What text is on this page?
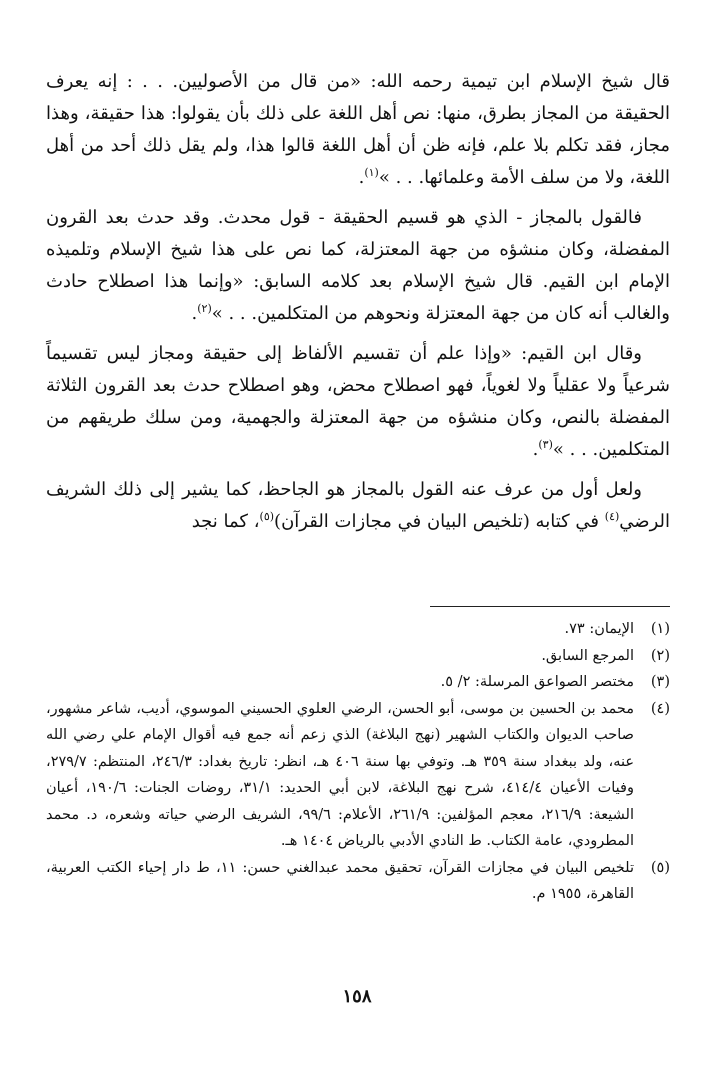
قال شيخ الإسلام ابن تيمية رحمه الله: «من قال من الأصوليين. . . : إنه يعرف الحقيقة من المجاز بطرق، منها: نص أهل اللغة على ذلك بأن يقولوا: هذا حقيقة، وهذا مجاز، فقد تكلم بلا علم، فإنه ظن أن أهل اللغة قالوا هذا، ولم يقل ذلك أحد من أهل اللغة، ولا من سلف الأمة وعلمائها. . . »$^{(١)}$.

فالقول بالمجاز - الذي هو قسيم الحقيقة - قول محدث. وقد حدث بعد القرون المفضلة، وكان منشؤه من جهة المعتزلة، كما نص على هذا شيخ الإسلام وتلميذه الإمام ابن القيم. قال شيخ الإسلام بعد كلامه السابق: «وإنما هذا اصطلاح حادث والغالب أنه كان من جهة المعتزلة ونحوهم من المتكلمين. . . »$^{(٢)}$.

وقال ابن القيم: «وإذا علم أن تقسيم الألفاظ إلى حقيقة ومجاز ليس تقسيماً شرعياً ولا عقلياً ولا لغوياً، فهو اصطلاح محض، وهو اصطلاح حدث بعد القرون الثلاثة المفضلة بالنص، وكان منشؤه من جهة المعتزلة والجهمية، ومن سلك طريقهم من المتكلمين. . . »$^{(٣)}$.

ولعل أول من عرف عنه القول بالمجاز هو الجاحظ، كما يشير إلى ذلك الشريف الرضي$^{(٤)}$ في كتابه (تلخيص البيان في مجازات القرآن)$^{(٥)}$، كما نجد

(١)
الإيمان: ٧٣.
(٢)
المرجع السابق.
(٣)
مختصر الصواعق المرسلة: ٢/ ٥.
(٤)
محمد بن الحسين بن موسى، أبو الحسن، الرضي العلوي الحسيني الموسوي، أديب، شاعر مشهور، صاحب الديوان والكتاب الشهير (نهج البلاغة) الذي زعم أنه جمع فيه أقوال الإمام علي رضي الله عنه، ولد ببغداد سنة ٣٥٩ هـ. وتوفي بها سنة ٤٠٦ هـ، انظر: تاريخ بغداد: ٢٤٦/٣، المنتظم: ٢٧٩/٧، وفيات الأعيان ٤١٤/٤، شرح نهج البلاغة، لابن أبي الحديد: ٣١/١، روضات الجنات: ١٩٠/٦، أعيان الشيعة: ٢١٦/٩، معجم المؤلفين: ٢٦١/٩، الأعلام: ٩٩/٦، الشريف الرضي حياته وشعره، د. محمد المطرودي، عامة الكتاب. ط النادي الأدبي بالرياض ١٤٠٤ هـ.
(٥)
تلخيص البيان في مجازات القرآن، تحقيق محمد عبدالغني حسن: ١١، ط دار إحياء الكتب العربية، القاهرة، ١٩٥٥ م.
١٥٨
